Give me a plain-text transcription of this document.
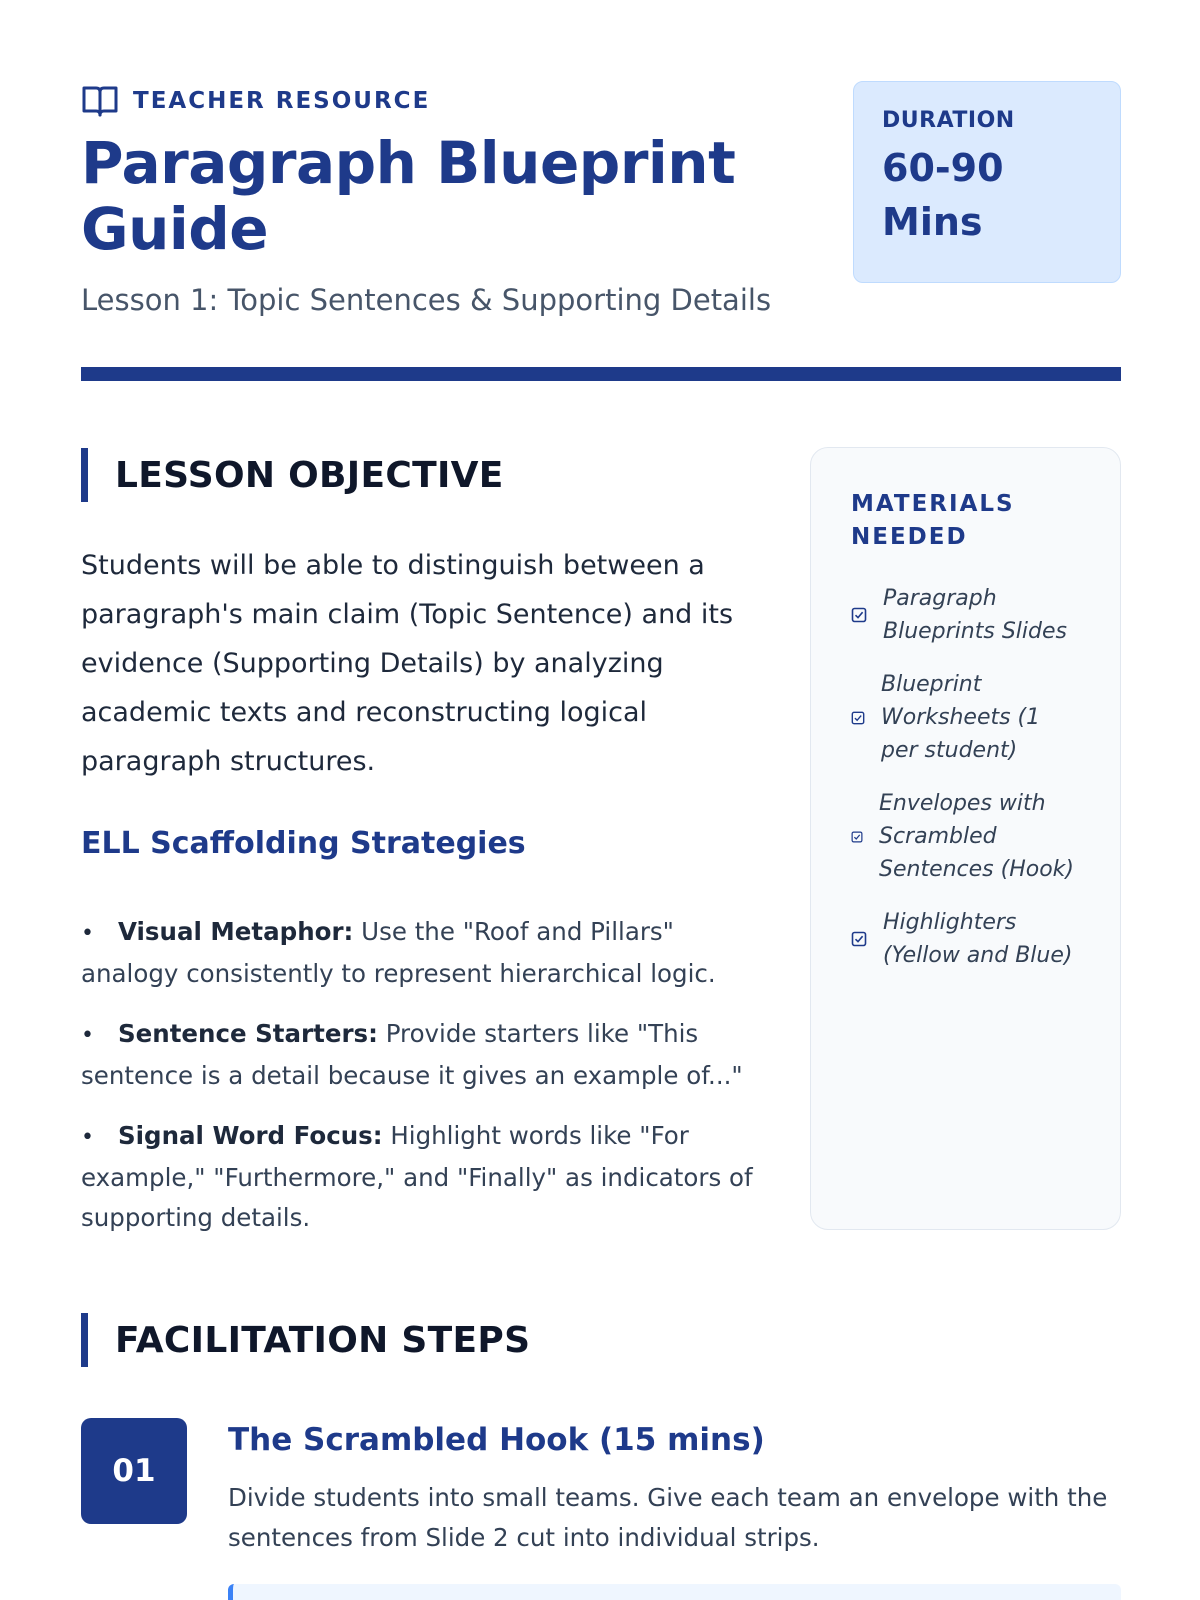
TEACHER RESOURCE
Paragraph Blueprint Guide
Lesson 1: Topic Sentences & Supporting Details
DURATION
60-90 Mins
LESSON OBJECTIVE

Students will be able to distinguish between a paragraph's main claim (Topic Sentence) and its evidence (Supporting Details) by analyzing academic texts and reconstructing logical paragraph structures.

ELL Scaffolding Strategies
• Visual Metaphor: Use the "Roof and Pillars" analogy consistently to represent hierarchical logic.
• Sentence Starters: Provide starters like "This sentence is a detail because it gives an example of..."
• Signal Word Focus: Highlight words like "For example," "Furthermore," and "Finally" as indicators of supporting details.
MATERIALS NEEDED
Paragraph Blueprints Slides
Blueprint Worksheets (1 per student)
Envelopes with Scrambled Sentences (Hook)
Highlighters (Yellow and Blue)
FACILITATION STEPS
01
The Scrambled Hook (15 mins)

Divide students into small teams. Give each team an envelope with the sentences from Slide 2 cut into individual strips.
